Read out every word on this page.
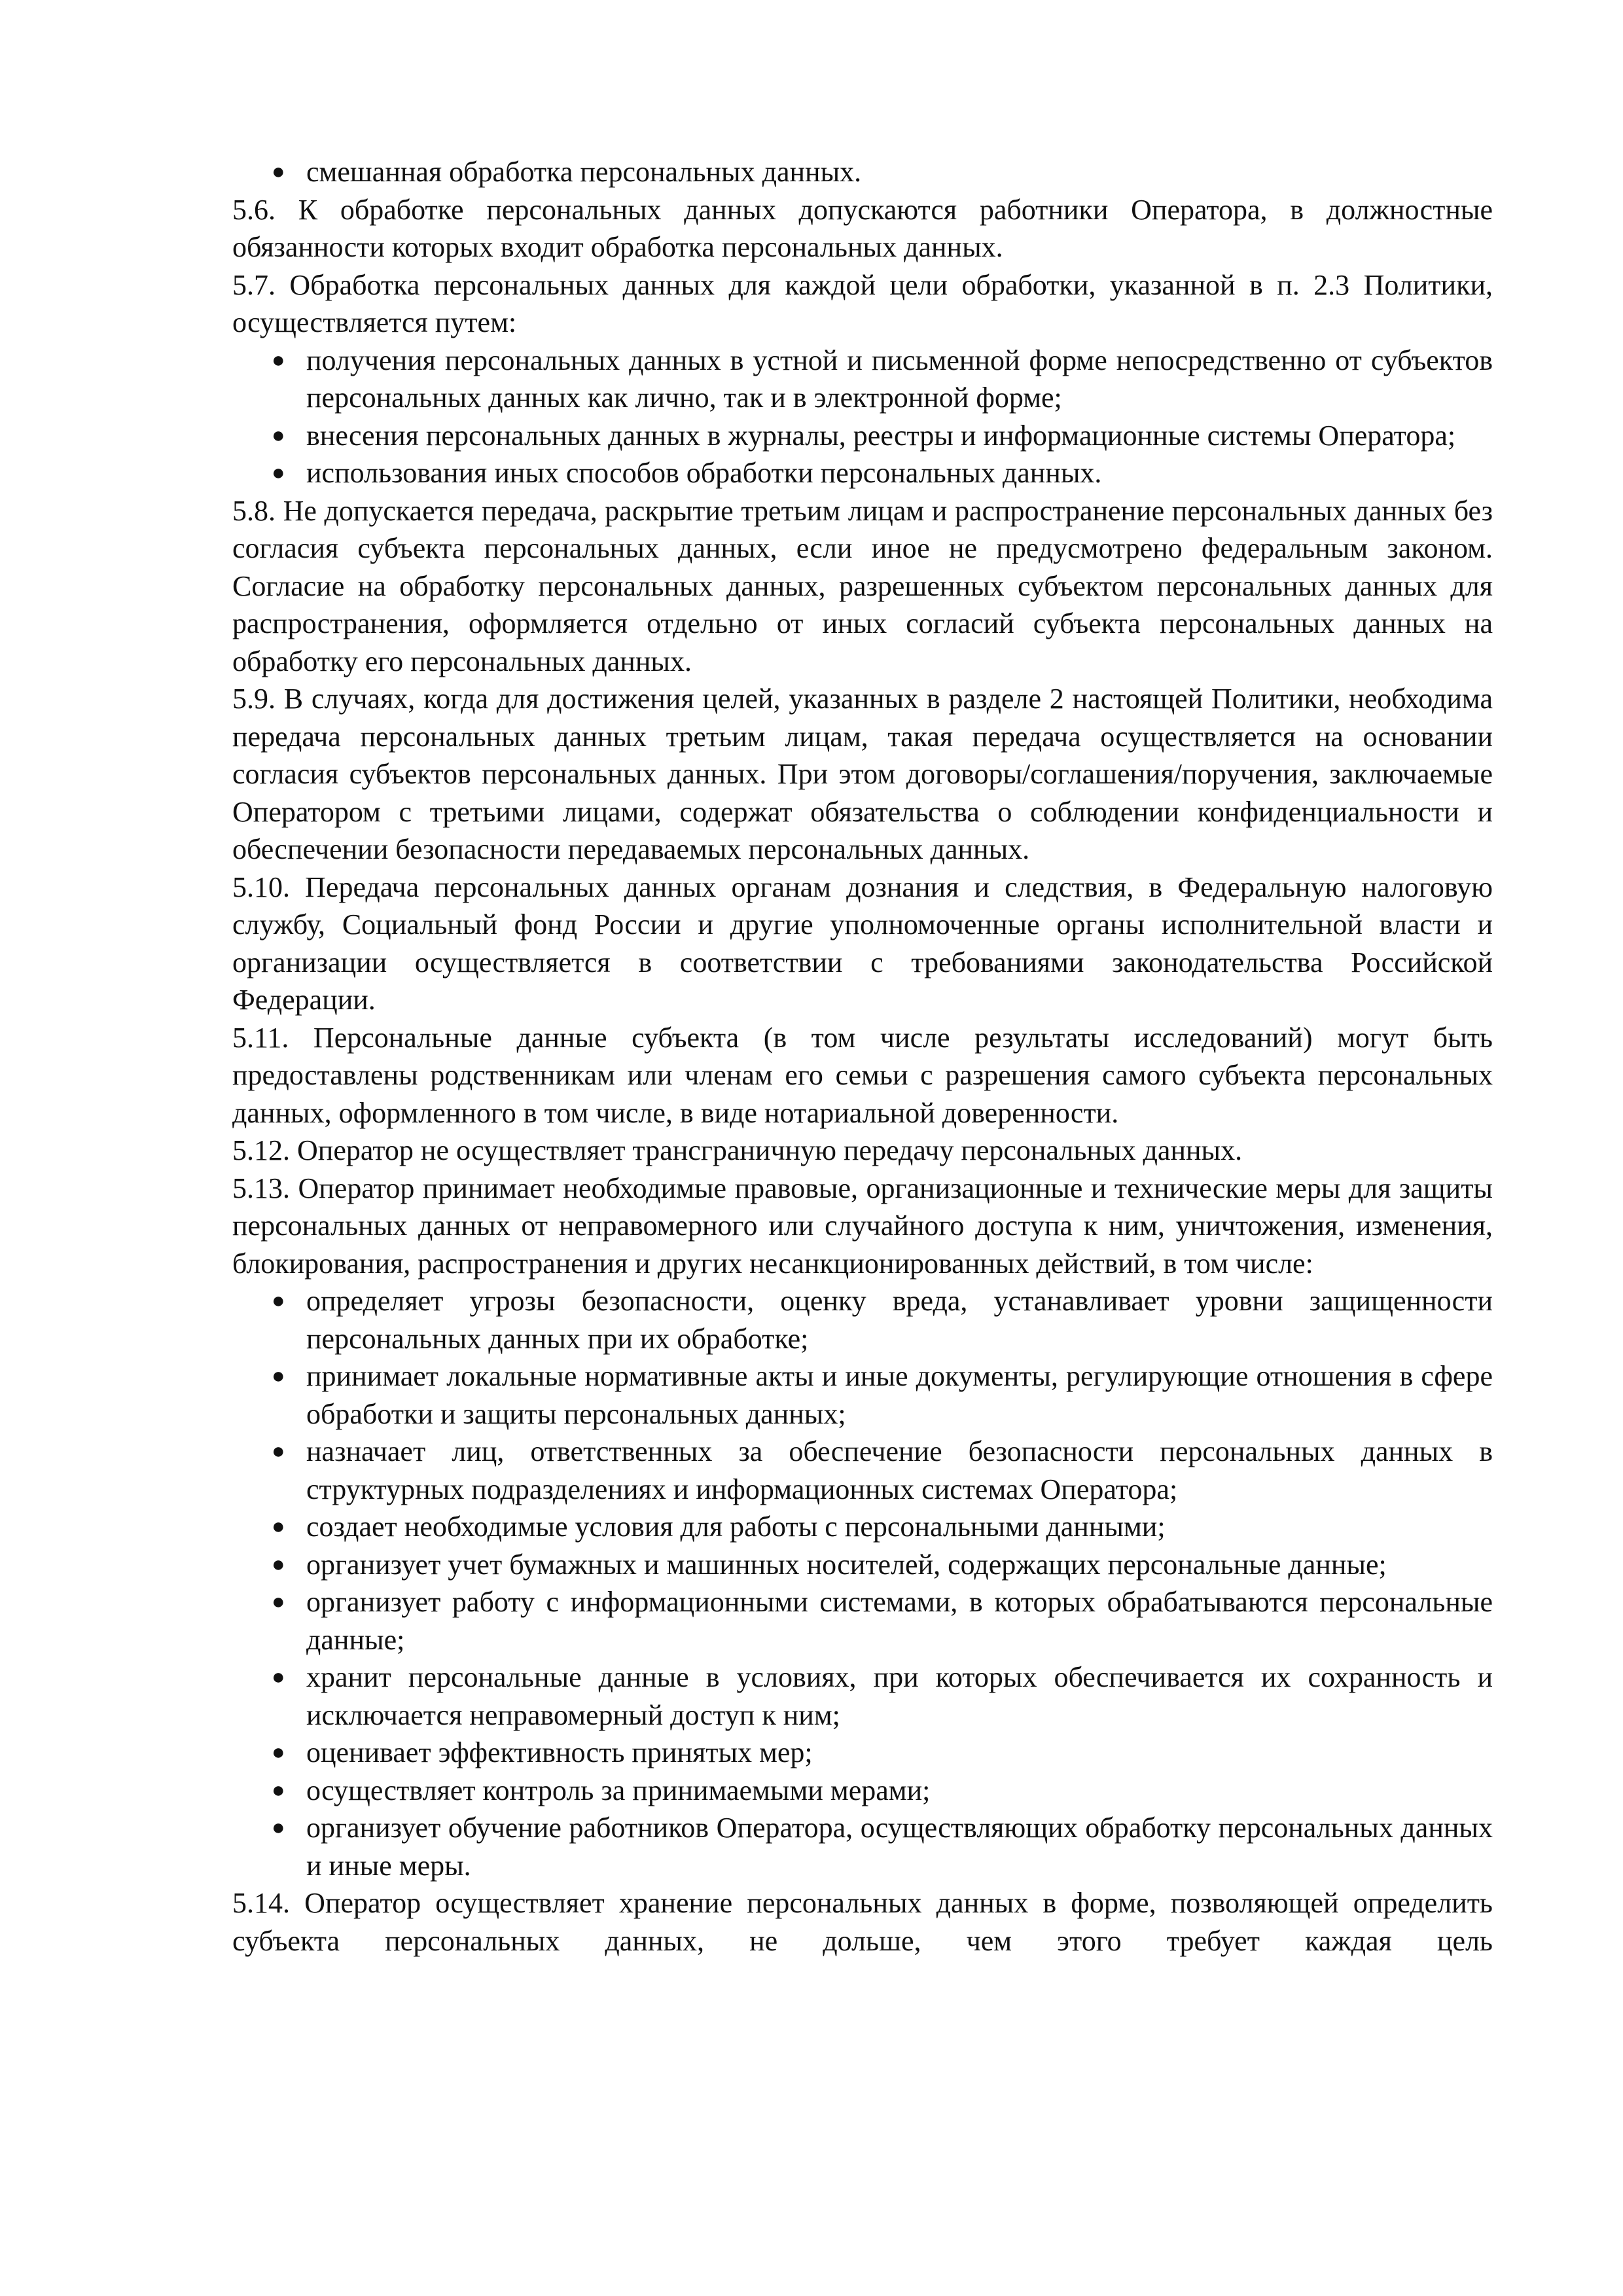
● смешанная обработка персональных данных.

5.6. К обработке персональных данных допускаются работники Оператора, в должностные обязанности которых входит обработка персональных данных.

5.7. Обработка персональных данных для каждой цели обработки, указанной в п. 2.3 Политики, осуществляется путем:

● получения персональных данных в устной и письменной форме непосредственно от субъектов персональных данных как лично, так и в электронной форме;
● внесения персональных данных в журналы, реестры и информационные системы Оператора;
● использования иных способов обработки персональных данных.

5.8. Не допускается передача, раскрытие третьим лицам и распространение персональных данных без согласия субъекта персональных данных, если иное не предусмотрено федеральным законом. Согласие на обработку персональных данных, разрешенных субъектом персональных данных для распространения, оформляется отдельно от иных согласий субъекта персональных данных на обработку его персональных данных.

5.9. В случаях, когда для достижения целей, указанных в разделе 2 настоящей Политики, необходима передача персональных данных третьим лицам, такая передача осуществляется на основании согласия субъектов персональных данных. При этом договоры/соглашения/поручения, заключаемые Оператором с третьими лицами, содержат обязательства о соблюдении конфиденциальности и обеспечении безопасности передаваемых персональных данных.

5.10. Передача персональных данных органам дознания и следствия, в Федеральную налоговую службу, Социальный фонд России и другие уполномоченные органы исполнительной власти и организации осуществляется в соответствии с требованиями законодательства Российской Федерации.

5.11. Персональные данные субъекта (в том числе результаты исследований) могут быть предоставлены родственникам или членам его семьи с разрешения самого субъекта персональных данных, оформленного в том числе, в виде нотариальной доверенности.

5.12. Оператор не осуществляет трансграничную передачу персональных данных.

5.13. Оператор принимает необходимые правовые, организационные и технические меры для защиты персональных данных от неправомерного или случайного доступа к ним, уничтожения, изменения, блокирования, распространения и других несанкционированных действий, в том числе:

● определяет угрозы безопасности, оценку вреда, устанавливает уровни защищенности персональных данных при их обработке;
● принимает локальные нормативные акты и иные документы, регулирующие отношения в сфере обработки и защиты персональных данных;
● назначает лиц, ответственных за обеспечение безопасности персональных данных в структурных подразделениях и информационных системах Оператора;
● создает необходимые условия для работы с персональными данными;
● организует учет бумажных и машинных носителей, содержащих персональные данные;
● организует работу с информационными системами, в которых обрабатываются персональные данные;
● хранит персональные данные в условиях, при которых обеспечивается их сохранность и исключается неправомерный доступ к ним;
● оценивает эффективность принятых мер;
● осуществляет контроль за принимаемыми мерами;
● организует обучение работников Оператора, осуществляющих обработку персональных данных и иные меры.

5.14. Оператор осуществляет хранение персональных данных в форме, позволяющей определить субъекта персональных данных, не дольше, чем этого требует каждая цель
